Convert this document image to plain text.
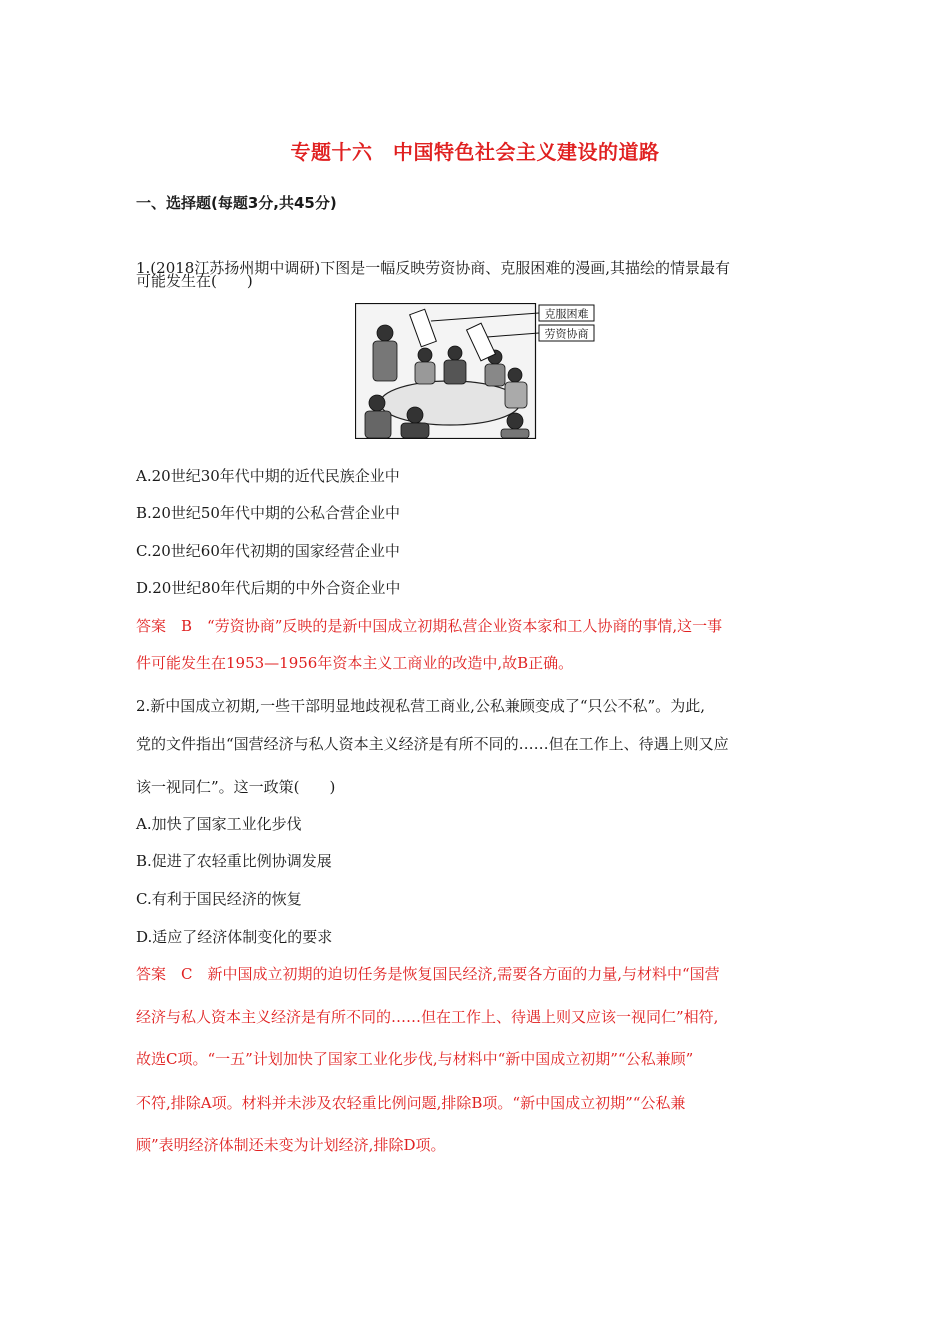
专题十六　中国特色社会主义建设的道路
一、选择题(每题3分,共45分)
1.(2018江苏扬州期中调研)下图是一幅反映劳资协商、克服困难的漫画,其描绘的情景最有
可能发生在(　　)
克服困难
劳资协商
A.20世纪30年代中期的近代民族企业中
B.20世纪50年代中期的公私合营企业中
C.20世纪60年代初期的国家经营企业中
D.20世纪80年代后期的中外合资企业中
答案　B　“劳资协商”反映的是新中国成立初期私营企业资本家和工人协商的事情,这一事
件可能发生在1953—1956年资本主义工商业的改造中,故B正确。
2.新中国成立初期,一些干部明显地歧视私营工商业,公私兼顾变成了“只公不私”。为此,
党的文件指出“国营经济与私人资本主义经济是有所不同的……但在工作上、待遇上则又应
该一视同仁”。这一政策(　　)
A.加快了国家工业化步伐
B.促进了农轻重比例协调发展
C.有利于国民经济的恢复
D.适应了经济体制变化的要求
答案　C　新中国成立初期的迫切任务是恢复国民经济,需要各方面的力量,与材料中“国营
经济与私人资本主义经济是有所不同的……但在工作上、待遇上则又应该一视同仁”相符,
故选C项。“一五”计划加快了国家工业化步伐,与材料中“新中国成立初期”“公私兼顾”
不符,排除A项。材料并未涉及农轻重比例问题,排除B项。“新中国成立初期”“公私兼
顾”表明经济体制还未变为计划经济,排除D项。
